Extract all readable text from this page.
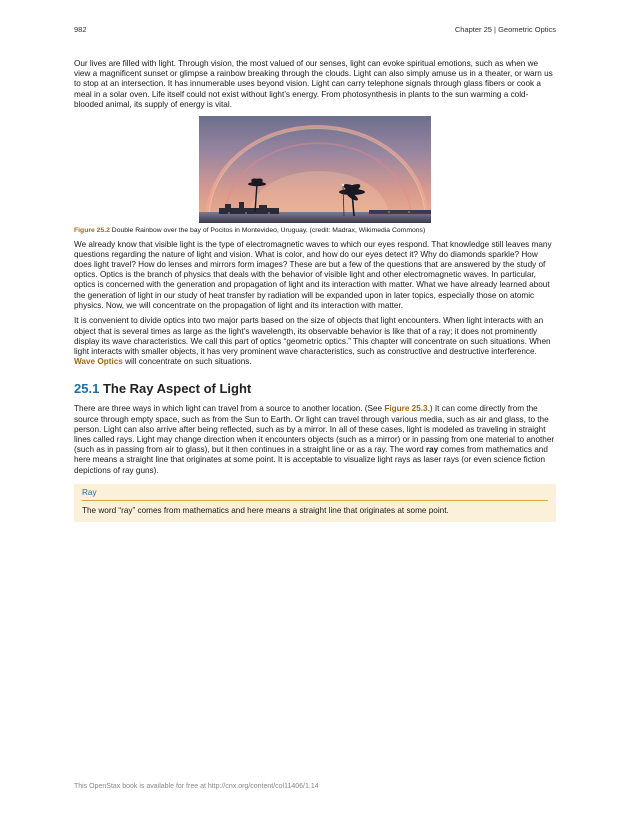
982	Chapter 25 | Geometric Optics

Our lives are filled with light. Through vision, the most valued of our senses, light can evoke spiritual emotions, such as when we view a magnificent sunset or glimpse a rainbow breaking through the clouds. Light can also simply amuse us in a theater, or warn us to stop at an intersection. It has innumerable uses beyond vision. Light can carry telephone signals through glass fibers or cook a meal in a solar oven. Life itself could not exist without light’s energy. From photosynthesis in plants to the sun warming a cold-blooded animal, its supply of energy is vital.

Figure 25.2 Double Rainbow over the bay of Pocitos in Montevideo, Uruguay. (credit: Madrax, Wikimedia Commons)

We already know that visible light is the type of electromagnetic waves to which our eyes respond. That knowledge still leaves many questions regarding the nature of light and vision. What is color, and how do our eyes detect it? Why do diamonds sparkle? How does light travel? How do lenses and mirrors form images? These are but a few of the questions that are answered by the study of optics. Optics is the branch of physics that deals with the behavior of visible light and other electromagnetic waves. In particular, optics is concerned with the generation and propagation of light and its interaction with matter. What we have already learned about the generation of light in our study of heat transfer by radiation will be expanded upon in later topics, especially those on atomic physics. Now, we will concentrate on the propagation of light and its interaction with matter.

It is convenient to divide optics into two major parts based on the size of objects that light encounters. When light interacts with an object that is several times as large as the light’s wavelength, its observable behavior is like that of a ray; it does not prominently display its wave characteristics. We call this part of optics “geometric optics.” This chapter will concentrate on such situations. When light interacts with smaller objects, it has very prominent wave characteristics, such as constructive and destructive interference. Wave Optics will concentrate on such situations.

25.1 The Ray Aspect of Light

There are three ways in which light can travel from a source to another location. (See Figure 25.3.) It can come directly from the source through empty space, such as from the Sun to Earth. Or light can travel through various media, such as air and glass, to the person. Light can also arrive after being reflected, such as by a mirror. In all of these cases, light is modeled as traveling in straight lines called rays. Light may change direction when it encounters objects (such as a mirror) or in passing from one material to another (such as in passing from air to glass), but it then continues in a straight line or as a ray. The word ray comes from mathematics and here means a straight line that originates at some point. It is acceptable to visualize light rays as laser rays (or even science fiction depictions of ray guns).

Ray
The word “ray” comes from mathematics and here means a straight line that originates at some point.
This OpenStax book is available for free at http://cnx.org/content/col11406/1.14
